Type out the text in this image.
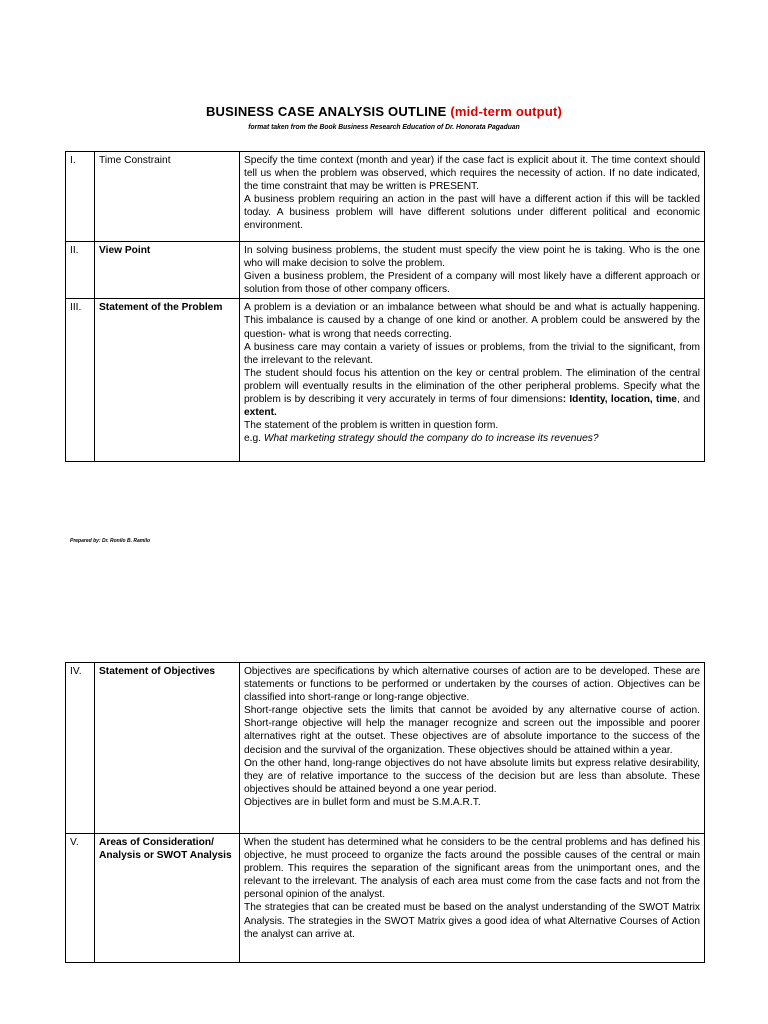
BUSINESS CASE ANALYSIS OUTLINE (mid-term output)
format taken from the Book Business Research Education of Dr. Honorata Pagaduan
I.	Time Constraint	Specify the time context (month and year) if the case fact is explicit about it. The time context should tell us when the problem was observed, which requires the necessity of action. If no date indicated, the time constraint that may be written is PRESENT.

A business problem requiring an action in the past will have a different action if this will be tackled today. A business problem will have different solutions under different political and economic environment.

II.	View Point	In solving business problems, the student must specify the view point he is taking. Who is the one who will make decision to solve the problem.

Given a business problem, the President of a company will most likely have a different approach or solution from those of other company officers.

III.	Statement of the Problem	A problem is a deviation or an imbalance between what should be and what is actually happening. This imbalance is caused by a change of one kind or another. A problem could be answered by the question- what is wrong that needs correcting.

A business care may contain a variety of issues or problems, from the trivial to the significant, from the irrelevant to the relevant.

The student should focus his attention on the key or central problem. The elimination of the central problem will eventually results in the elimination of the other peripheral problems. Specify what the problem is by describing it very accurately in terms of four dimensions: Identity, location, time, and extent.

The statement of the problem is written in question form.

e.g. What marketing strategy should the company do to increase its revenues?

Prepared by: Dr. Ronilo B. Ramilo
IV.	Statement of Objectives	Objectives are specifications by which alternative courses of action are to be developed. These are statements or functions to be performed or undertaken by the courses of action. Objectives can be classified into short-range or long-range objective.

Short-range objective sets the limits that cannot be avoided by any alternative course of action. Short-range objective will help the manager recognize and screen out the impossible and poorer alternatives right at the outset. These objectives are of absolute importance to the success of the decision and the survival of the organization. These objectives should be attained within a year.

On the other hand, long-range objectives do not have absolute limits but express relative desirability, they are of relative importance to the success of the decision but are less than absolute. These objectives should be attained beyond a one year period.

Objectives are in bullet form and must be S.M.A.R.T.

V.	Areas of Consideration/ Analysis or SWOT Analysis	When the student has determined what he considers to be the central problems and has defined his objective, he must proceed to organize the facts around the possible causes of the central or main problem. This requires the separation of the significant areas from the unimportant ones, and the relevant to the irrelevant. The analysis of each area must come from the case facts and not from the personal opinion of the analyst.

The strategies that can be created must be based on the analyst understanding of the SWOT Matrix Analysis. The strategies in the SWOT Matrix gives a good idea of what Alternative Courses of Action the analyst can arrive at.
